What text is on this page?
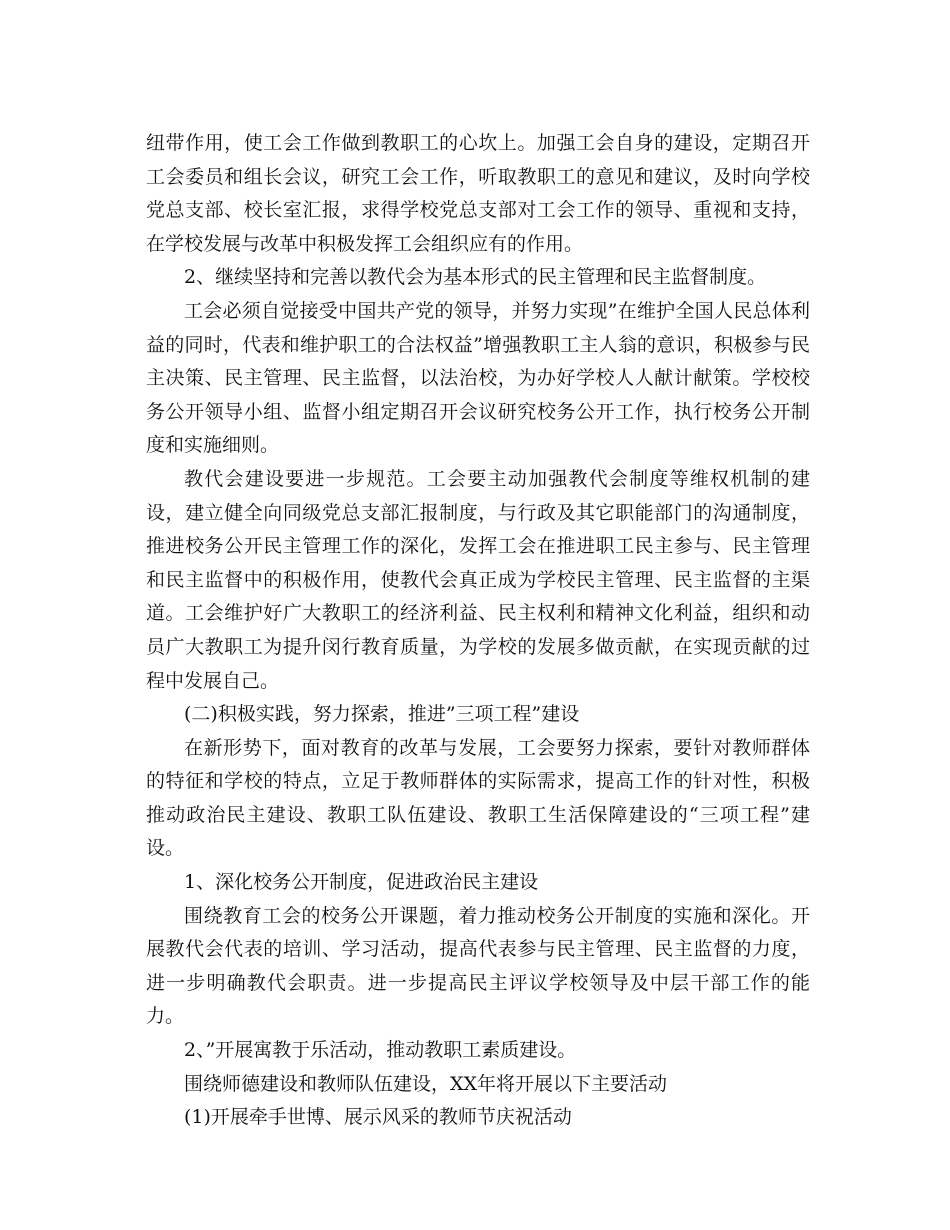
纽带作用，使工会工作做到教职工的心坎上。加强工会自身的建设，定期召开工会委员和组长会议，研究工会工作，听取教职工的意见和建议，及时向学校党总支部、校长室汇报，求得学校党总支部对工会工作的领导、重视和支持，在学校发展与改革中积极发挥工会组织应有的作用。

2、继续坚持和完善以教代会为基本形式的民主管理和民主监督制度。

工会必须自觉接受中国共产党的领导，并努力实现”在维护全国人民总体利益的同时，代表和维护职工的合法权益”增强教职工主人翁的意识，积极参与民主决策、民主管理、民主监督，以法治校，为办好学校人人献计献策。学校校务公开领导小组、监督小组定期召开会议研究校务公开工作，执行校务公开制度和实施细则。

教代会建设要进一步规范。工会要主动加强教代会制度等维权机制的建设，建立健全向同级党总支部汇报制度，与行政及其它职能部门的沟通制度，推进校务公开民主管理工作的深化，发挥工会在推进职工民主参与、民主管理和民主监督中的积极作用，使教代会真正成为学校民主管理、民主监督的主渠道。工会维护好广大教职工的经济利益、民主权利和精神文化利益，组织和动员广大教职工为提升闵行教育质量，为学校的发展多做贡献，在实现贡献的过程中发展自己。

(二)积极实践，努力探索，推进”三项工程”建设

在新形势下，面对教育的改革与发展，工会要努力探索，要针对教师群体的特征和学校的特点，立足于教师群体的实际需求，提高工作的针对性，积极推动政治民主建设、教职工队伍建设、教职工生活保障建设的“三项工程”建设。

1、深化校务公开制度，促进政治民主建设

围绕教育工会的校务公开课题，着力推动校务公开制度的实施和深化。开展教代会代表的培训、学习活动，提高代表参与民主管理、民主监督的力度，进一步明确教代会职责。进一步提高民主评议学校领导及中层干部工作的能力。

2、”开展寓教于乐活动，推动教职工素质建设。

围绕师德建设和教师队伍建设，XX年将开展以下主要活动

(1)开展牵手世博、展示风采的教师节庆祝活动
